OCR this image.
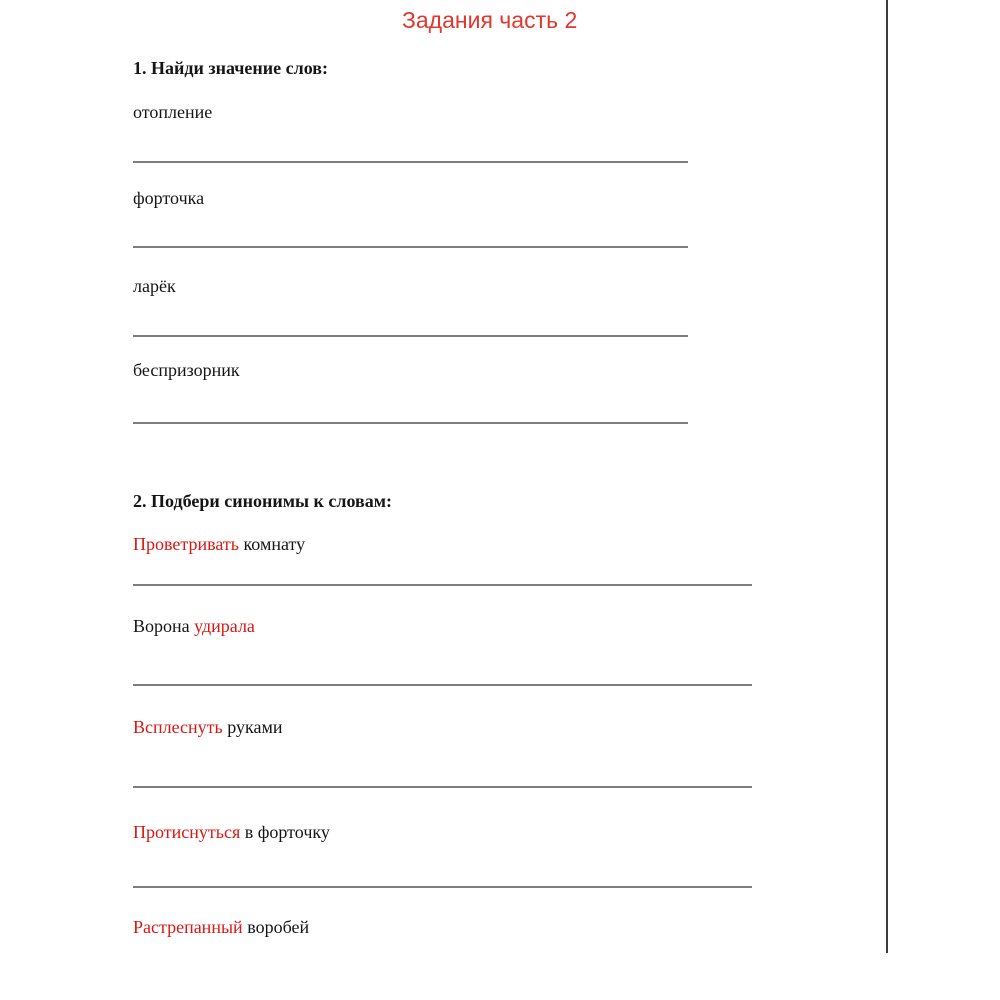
Задания часть 2
1. Найди значение слов:
отопление
форточка
ларёк
беспризорник
2. Подбери синонимы к словам:
Проветривать комнату
Ворона удирала
Всплеснуть руками
Протиснуться в форточку
Растрепанный воробей
